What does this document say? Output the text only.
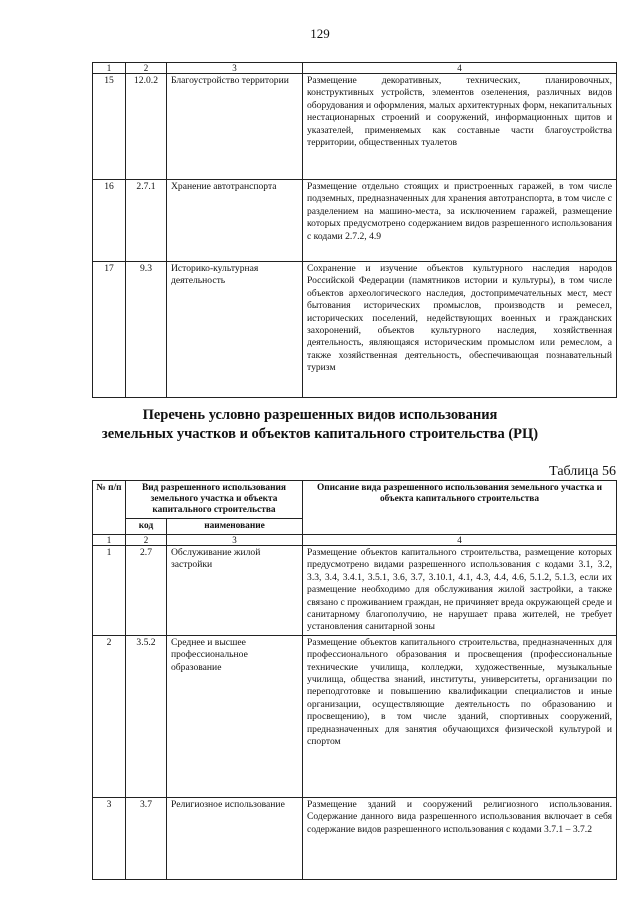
129
1	2	3	4
15	12.0.2	Благоустройство территории	Размещение декоративных, технических, планировочных, конструктивных устройств, элементов озеленения, различных видов оборудования и оформления, малых архитектурных форм, некапитальных нестационарных строений и сооружений, информационных щитов и указателей, применяемых как составные части благоустройства территории, общественных туалетов
16	2.7.1	Хранение автотранспорта	Размещение отдельно стоящих и пристроенных гаражей, в том числе подземных, предназначенных для хранения автотранспорта, в том числе с разделением на машино-места, за исключением гаражей, размещение которых предусмотрено содержанием видов разрешенного использования с кодами 2.7.2, 4.9
17	9.3	Историко-культурная деятельность	Сохранение и изучение объектов культурного наследия народов Российской Федерации (памятников истории и культуры), в том числе объектов археологического наследия, достопримечательных мест, мест бытования исторических промыслов, производств и ремесел, исторических поселений, недействующих военных и гражданских захоронений, объектов культурного наследия, хозяйственная деятельность, являющаяся историческим промыслом или ремеслом, а также хозяйственная деятельность, обеспечивающая познавательный туризм
Перечень условно разрешенных видов использования
земельных участков и объектов капитального строительства (РЦ)
Таблица 56
№ п/п	Вид разрешенного использования земельного участка и объекта капитального строительства		Описание вида разрешенного использования земельного участка и объекта капитального строительства
	код	наименование	
1	2	3	4
1	2.7	Обслуживание жилой застройки	Размещение объектов капитального строительства, размещение которых предусмотрено видами разрешенного использования с кодами 3.1, 3.2, 3.3, 3.4, 3.4.1, 3.5.1, 3.6, 3.7, 3.10.1, 4.1, 4.3, 4.4, 4.6, 5.1.2, 5.1.3, если их размещение необходимо для обслуживания жилой застройки, а также связано с проживанием граждан, не причиняет вреда окружающей среде и санитарному благополучию, не нарушает права жителей, не требует установления санитарной зоны
2	3.5.2	Среднее и высшее профессиональное образование	Размещение объектов капитального строительства, предназначенных для профессионального образования и просвещения (профессиональные технические училища, колледжи, художественные, музыкальные училища, общества знаний, институты, университеты, организации по переподготовке и повышению квалификации специалистов и иные организации, осуществляющие деятельность по образованию и просвещению), в том числе зданий, спортивных сооружений, предназначенных для занятия обучающихся физической культурой и спортом
3	3.7	Религиозное использование	Размещение зданий и сооружений религиозного использования. Содержание данного вида разрешенного использования включает в себя содержание видов разрешенного использования с кодами 3.7.1 – 3.7.2
